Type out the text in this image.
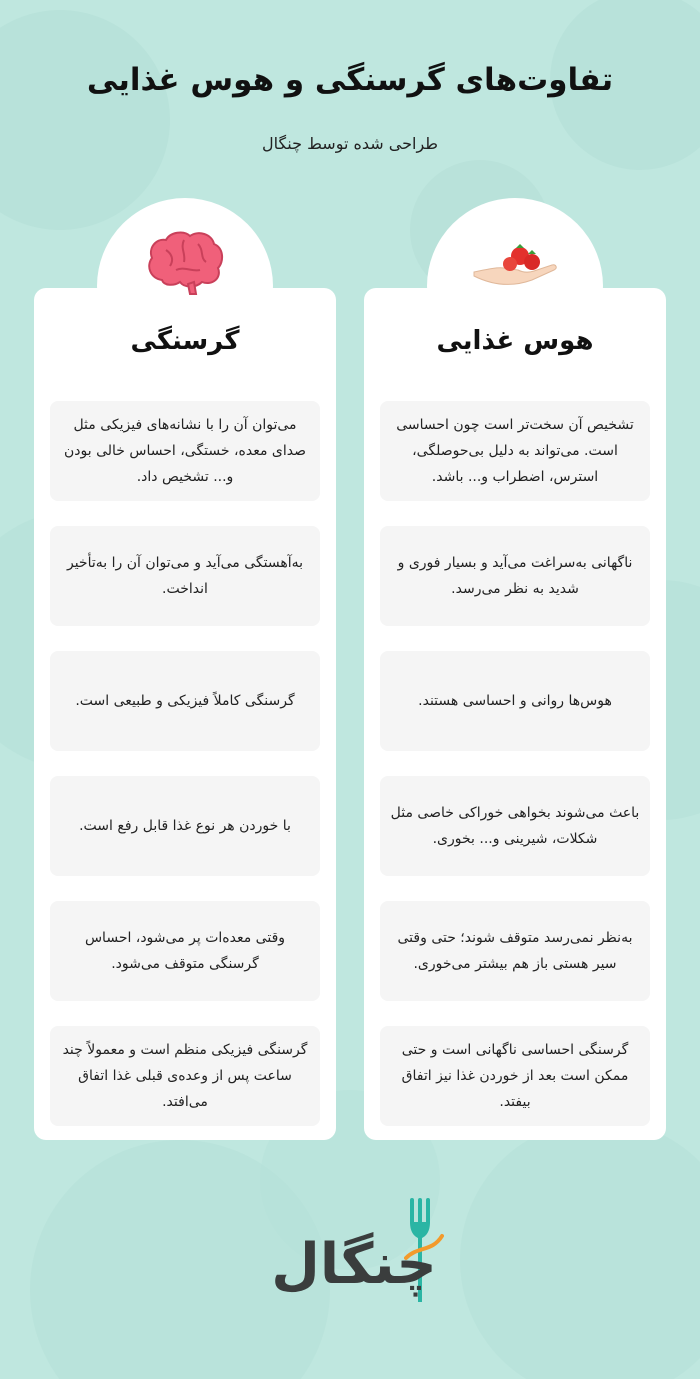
تفاوت‌های گرسنگی و هوس غذایی
طراحی شده توسط چنگال
هوس غذایی
تشخیص آن سخت‌تر است چون احساسی است. می‌تواند به دلیل بی‌حوصلگی، استرس، اضطراب و... باشد.
ناگهانی به‌سراغت می‌آید و بسیار فوری و شدید به نظر می‌رسد.
هوس‌ها روانی و احساسی هستند.
باعث می‌شوند بخواهی خوراکی خاصی مثل شکلات، شیرینی و... بخوری.
به‌نظر نمی‌رسد متوقف شوند؛ حتی وقتی سیر هستی باز هم بیشتر می‌خوری.
گرسنگی احساسی ناگهانی است و حتی ممکن است بعد از خوردن غذا نیز اتفاق بیفتد.
گرسنگی
می‌توان آن را با نشانه‌های فیزیکی مثل صدای معده، خستگی، احساس خالی بودن و... تشخیص داد.
به‌آهستگی می‌آید و می‌توان آن را به‌تأخیر انداخت.
گرسنگی کاملاً فیزیکی و طبیعی است.
با خوردن هر نوع غذا قابل رفع است.
وقتی معده‌ات پر می‌شود، احساس گرسنگی متوقف می‌شود.
گرسنگی فیزیکی منظم است و معمولاً چند ساعت پس از وعده‌ی قبلی غذا اتفاق می‌افتد.
چنگال
